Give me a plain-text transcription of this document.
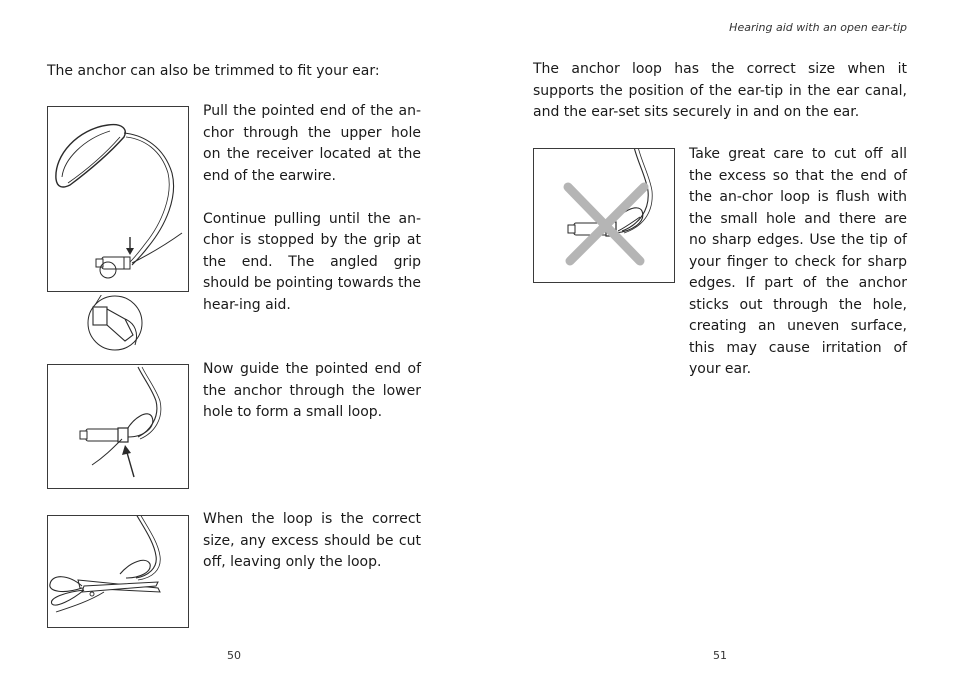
Hearing aid with an open ear-tip
The anchor can also be trimmed to fit your ear:

Pull the pointed end of the an-chor through the upper hole on the receiver located at the end of the earwire.

Continue pulling until the an-chor is stopped by the grip at the end. The angled grip should be pointing towards the hear-ing aid.

Now guide the pointed end of the anchor through the lower hole to form a small loop.
When the loop is the correct size, any excess should be cut off, leaving only the loop.
50
The anchor loop has the correct size when it supports the position of the ear-tip in the ear canal, and the ear-set sits securely in and on the ear.
Take great care to cut off all the excess so that the end of the an-chor loop is flush with the small hole and there are no sharp edges. Use the tip of your finger to check for sharp edges. If part of the anchor sticks out through the hole, creating an uneven surface, this may cause irritation of your ear.
51
